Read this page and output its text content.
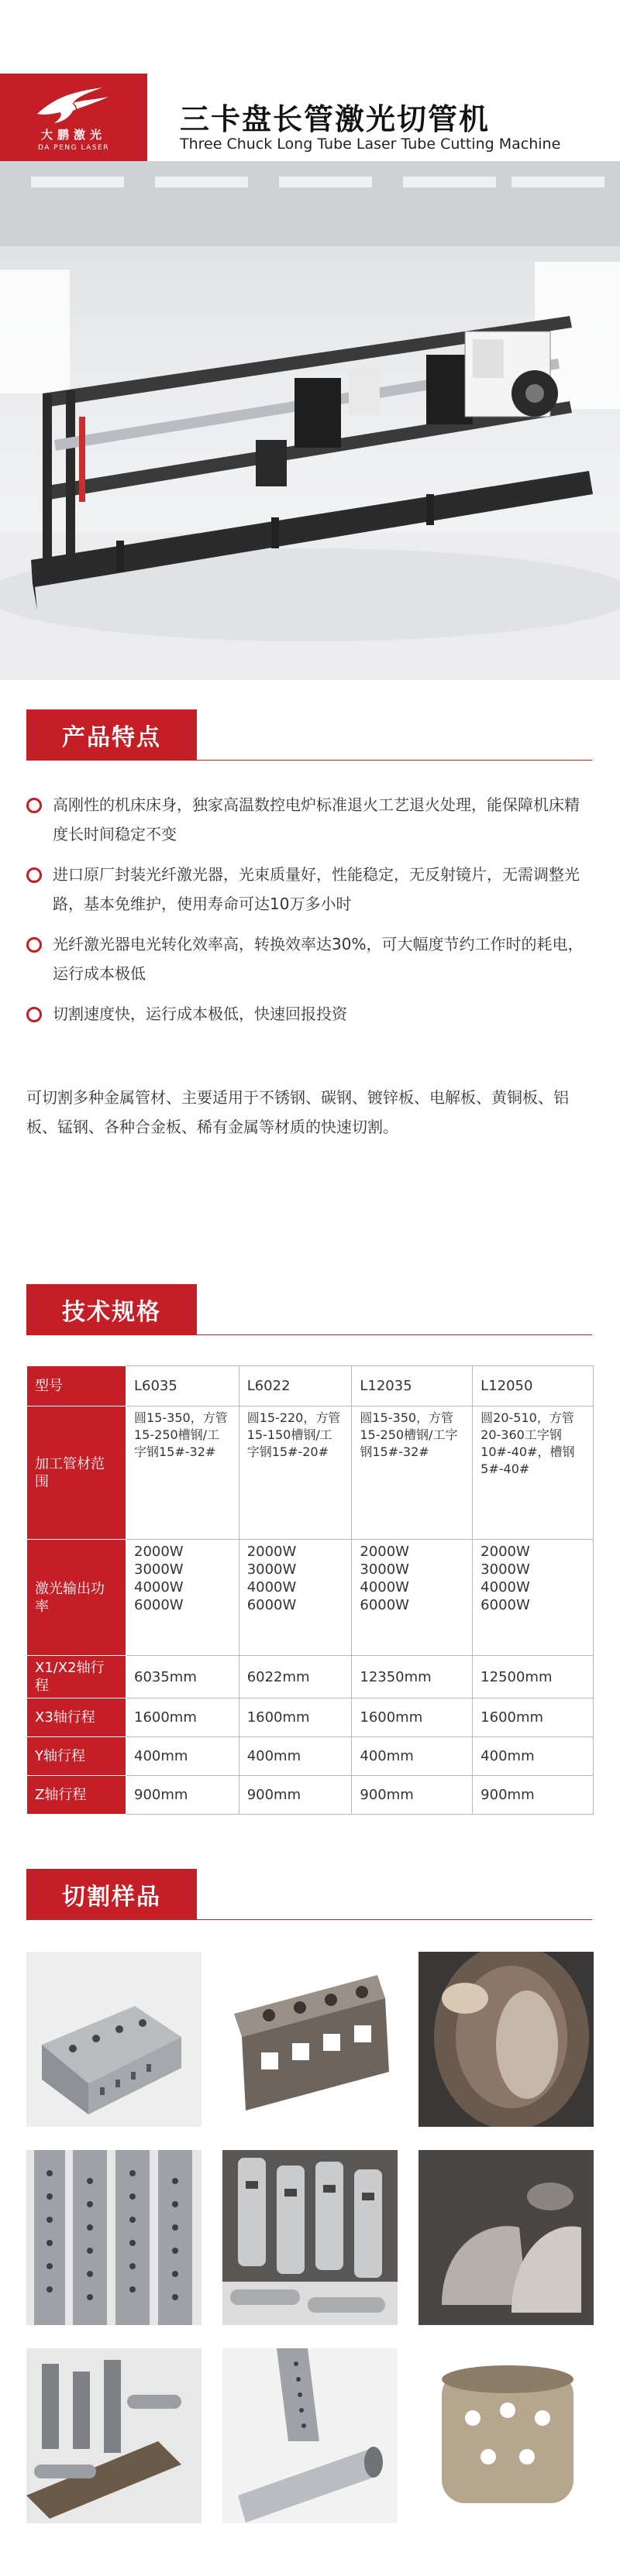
大鹏激光
DA PENG LASER
三卡盘长管激光切管机
Three Chuck Long Tube Laser Tube Cutting Machine
产品特点
高刚性的机床床身，独家高温数控电炉标准退火工艺退火处理，能保障机床精度长时间稳定不变
进口原厂封装光纤激光器，光束质量好，性能稳定，无反射镜片，无需调整光路，基本免维护，使用寿命可达10万多小时
光纤激光器电光转化效率高，转换效率达30%，可大幅度节约工作时的耗电，运行成本极低
切割速度快，运行成本极低，快速回报投资
可切割多种金属管材、主要适用于不锈钢、碳钢、镀锌板、电解板、黄铜板、铝板、锰钢、各种合金板、稀有金属等材质的快速切割。
技术规格
型号	L6035	L6022	L12035	L12050
加工管材范围	圆15-350，方管15-250槽钢/工字钢15#-32#	圆15-220，方管15-150槽钢/工字钢15#-20#	圆15-350，方管15-250槽钢/工字钢15#-32#	圆20-510，方管20-360工字钢10#-40#，槽钢5#-40#
激光输出功率	2000W 3000W 4000W 6000W	2000W 3000W 4000W 6000W	2000W 3000W 4000W 6000W	2000W 3000W 4000W 6000W
X1/X2轴行程	6035mm	6022mm	12350mm	12500mm
X3轴行程	1600mm	1600mm	1600mm	1600mm
Y轴行程	400mm	400mm	400mm	400mm
Z轴行程	900mm	900mm	900mm	900mm
切割样品
